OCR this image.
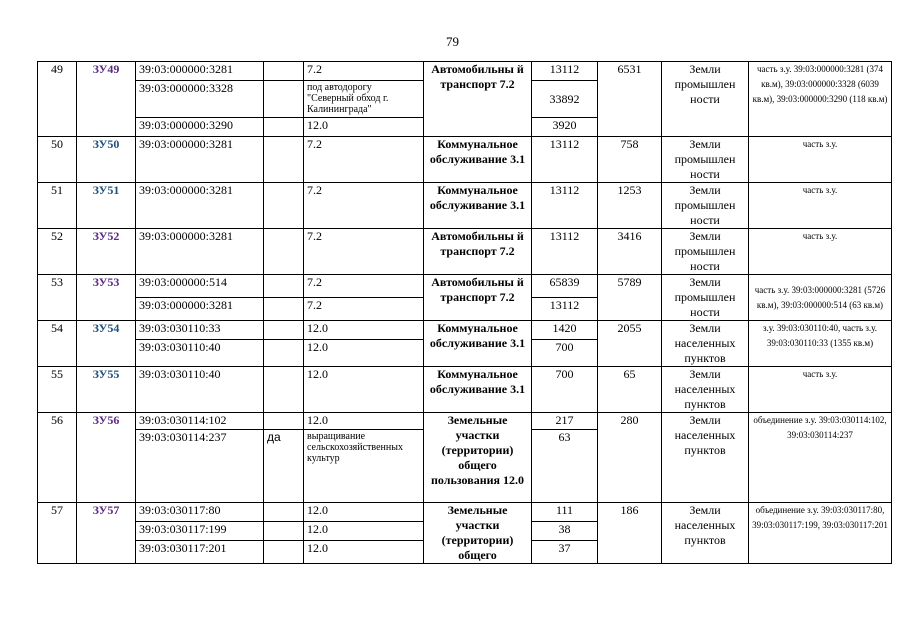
79
49	ЗУ49	39:03:000000:3281		7.2	Автомобильны й транспорт 7.2	13112	6531	Земли промышлен ности	часть з.у. 39:03:000000:3281 (374 кв.м), 39:03:000000:3328 (6039 кв.м), 39:03:000000:3290 (118 кв.м)
		39:03:000000:3328		под автодорогу "Северный обход г. Калининграда"		33892			
		39:03:000000:3290		12.0		3920			
50	ЗУ50	39:03:000000:3281		7.2	Коммунальное обслуживание 3.1	13112	758	Земли промышлен ности	часть з.у.
51	ЗУ51	39:03:000000:3281		7.2	Коммунальное обслуживание 3.1	13112	1253	Земли промышлен ности	часть з.у.
52	ЗУ52	39:03:000000:3281		7.2	Автомобильны й транспорт 7.2	13112	3416	Земли промышлен ности	часть з.у.
53	ЗУ53	39:03:000000:514		7.2	Автомобильны й транспорт 7.2	65839	5789	Земли промышлен ности	часть з.у. 39:03:000000:3281 (5726 кв.м), 39:03:000000:514 (63 кв.м)
		39:03:000000:3281		7.2		13112			
54	ЗУ54	39:03:030110:33		12.0	Коммунальное обслуживание 3.1	1420	2055	Земли населенных пунктов	з.у. 39:03:030110:40, часть з.у. 39:03:030110:33 (1355 кв.м)
		39:03:030110:40		12.0		700			
55	ЗУ55	39:03:030110:40		12.0	Коммунальное обслуживание 3.1	700	65	Земли населенных пунктов	часть з.у.
56	ЗУ56	39:03:030114:102		12.0	Земельные участки (территории) общего пользования 12.0	217	280	Земли населенных пунктов	объединение з.у. 39:03:030114:102, 39:03:030114:237
		39:03:030114:237	да	выращивание сельскохозяйственных культур		63			
57	ЗУ57	39:03:030117:80		12.0	Земельные участки (территории) общего	111	186	Земли населенных пунктов	объединение з.у. 39:03:030117:80, 39:03:030117:199, 39:03:030117:201
		39:03:030117:199		12.0		38			
		39:03:030117:201		12.0		37			
